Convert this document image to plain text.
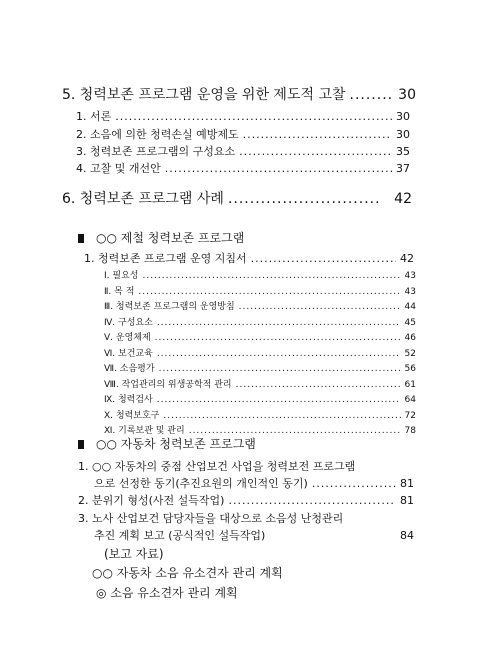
5. 청력보존 프로그램 운영을 위한 제도적 고찰 .....	30
1. 서론 .....	30
2. 소음에 의한 청력손실 예방제도 .....	30
3. 청력보존 프로그램의 구성요소 .....	35
4. 고찰 및 개선안 .....	37
6. 청력보존 프로그램 사례 .....	42
○○ 제철 청력보존 프로그램
1. 청력보존 프로그램 운영 지침서 .....	42
Ⅰ. 필요성 .....	43
Ⅱ. 목 적 .....	43
Ⅲ. 청력보존 프로그램의 운영방침 .....	44
Ⅳ. 구성요소 .....	45
Ⅴ. 운영체제 .....	46
Ⅵ. 보건교육 .....	52
Ⅶ. 소음평가 .....	56
Ⅷ. 작업관리의 위생공학적 관리 .....	61
Ⅸ. 청력검사 .....	64
Ⅹ. 청력보호구 .....	72
Ⅺ. 기록보관 및 관리 .....	78
○○ 자동차 청력보존 프로그램
1. ○○ 자동차의 중점 산업보건 사업을 청력보전 프로그램
으로 선정한 동기(추진요원의 개인적인 동기) .....	81
2. 분위기 형성(사전 설득작업) .....	81
3. 노사 산업보건 담당자들을 대상으로 소음성 난청관리
추진 계획 보고 (공식적인 설득작업)	84
(보고 자료)
○○ 자동차 소음 유소견자 관리 계획
◎ 소음 유소견자 관리 계획
